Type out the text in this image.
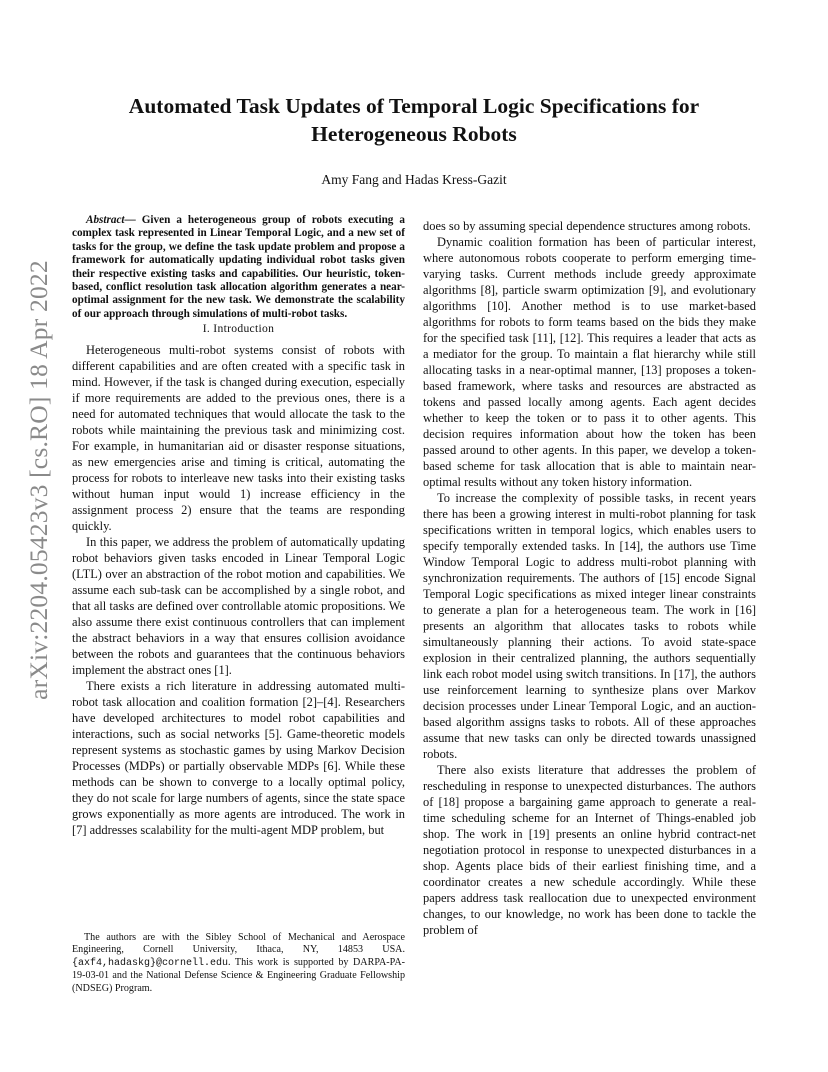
arXiv:2204.05423v3 [cs.RO] 18 Apr 2022
Automated Task Updates of Temporal Logic Specifications for
Heterogeneous Robots
Amy Fang and Hadas Kress-Gazit

Abstract— Given a heterogeneous group of robots executing a complex task represented in Linear Temporal Logic, and a new set of tasks for the group, we define the task update problem and propose a framework for automatically updating individual robot tasks given their respective existing tasks and capabilities. Our heuristic, token-based, conflict resolution task allocation algorithm generates a near-optimal assignment for the new task. We demonstrate the scalability of our approach through simulations of multi-robot tasks.

I. Introduction

Heterogeneous multi-robot systems consist of robots with different capabilities and are often created with a specific task in mind. However, if the task is changed during execution, especially if more requirements are added to the previous ones, there is a need for automated techniques that would allocate the task to the robots while maintaining the previous task and minimizing cost. For example, in humanitarian aid or disaster response situations, as new emergencies arise and timing is critical, automating the process for robots to interleave new tasks into their existing tasks without human input would 1) increase efficiency in the assignment process 2) ensure that the teams are responding quickly.

In this paper, we address the problem of automatically updating robot behaviors given tasks encoded in Linear Temporal Logic (LTL) over an abstraction of the robot motion and capabilities. We assume each sub-task can be accomplished by a single robot, and that all tasks are defined over controllable atomic propositions. We also assume there exist continuous controllers that can implement the abstract behaviors in a way that ensures collision avoidance between the robots and guarantees that the continuous behaviors implement the abstract ones [1].

There exists a rich literature in addressing automated multi-robot task allocation and coalition formation [2]–[4]. Researchers have developed architectures to model robot capabilities and interactions, such as social networks [5]. Game-theoretic models represent systems as stochastic games by using Markov Decision Processes (MDPs) or partially observable MDPs [6]. While these methods can be shown to converge to a locally optimal policy, they do not scale for large numbers of agents, since the state space grows exponentially as more agents are introduced. The work in [7] addresses scalability for the multi-agent MDP problem, but

The authors are with the Sibley School of Mechanical and Aerospace Engineering, Cornell University, Ithaca, NY, 14853 USA. {axf4,hadaskg}@cornell.edu. This work is supported by DARPA-PA-19-03-01 and the National Defense Science & Engineering Graduate Fellowship (NDSEG) Program.

does so by assuming special dependence structures among robots.

Dynamic coalition formation has been of particular interest, where autonomous robots cooperate to perform emerging time-varying tasks. Current methods include greedy approximate algorithms [8], particle swarm optimization [9], and evolutionary algorithms [10]. Another method is to use market-based algorithms for robots to form teams based on the bids they make for the specified task [11], [12]. This requires a leader that acts as a mediator for the group. To maintain a flat hierarchy while still allocating tasks in a near-optimal manner, [13] proposes a token-based framework, where tasks and resources are abstracted as tokens and passed locally among agents. Each agent decides whether to keep the token or to pass it to other agents. This decision requires information about how the token has been passed around to other agents. In this paper, we develop a token-based scheme for task allocation that is able to maintain near-optimal results without any token history information.

To increase the complexity of possible tasks, in recent years there has been a growing interest in multi-robot planning for task specifications written in temporal logics, which enables users to specify temporally extended tasks. In [14], the authors use Time Window Temporal Logic to address multi-robot planning with synchronization requirements. The authors of [15] encode Signal Temporal Logic specifications as mixed integer linear constraints to generate a plan for a heterogeneous team. The work in [16] presents an algorithm that allocates tasks to robots while simultaneously planning their actions. To avoid state-space explosion in their centralized planning, the authors sequentially link each robot model using switch transitions. In [17], the authors use reinforcement learning to synthesize plans over Markov decision processes under Linear Temporal Logic, and an auction-based algorithm assigns tasks to robots. All of these approaches assume that new tasks can only be directed towards unassigned robots.

There also exists literature that addresses the problem of rescheduling in response to unexpected disturbances. The authors of [18] propose a bargaining game approach to generate a real-time scheduling scheme for an Internet of Things-enabled job shop. The work in [19] presents an online hybrid contract-net negotiation protocol in response to unexpected disturbances in a shop. Agents place bids of their earliest finishing time, and a coordinator creates a new schedule accordingly. While these papers address task reallocation due to unexpected environment changes, to our knowledge, no work has been done to tackle the problem of
